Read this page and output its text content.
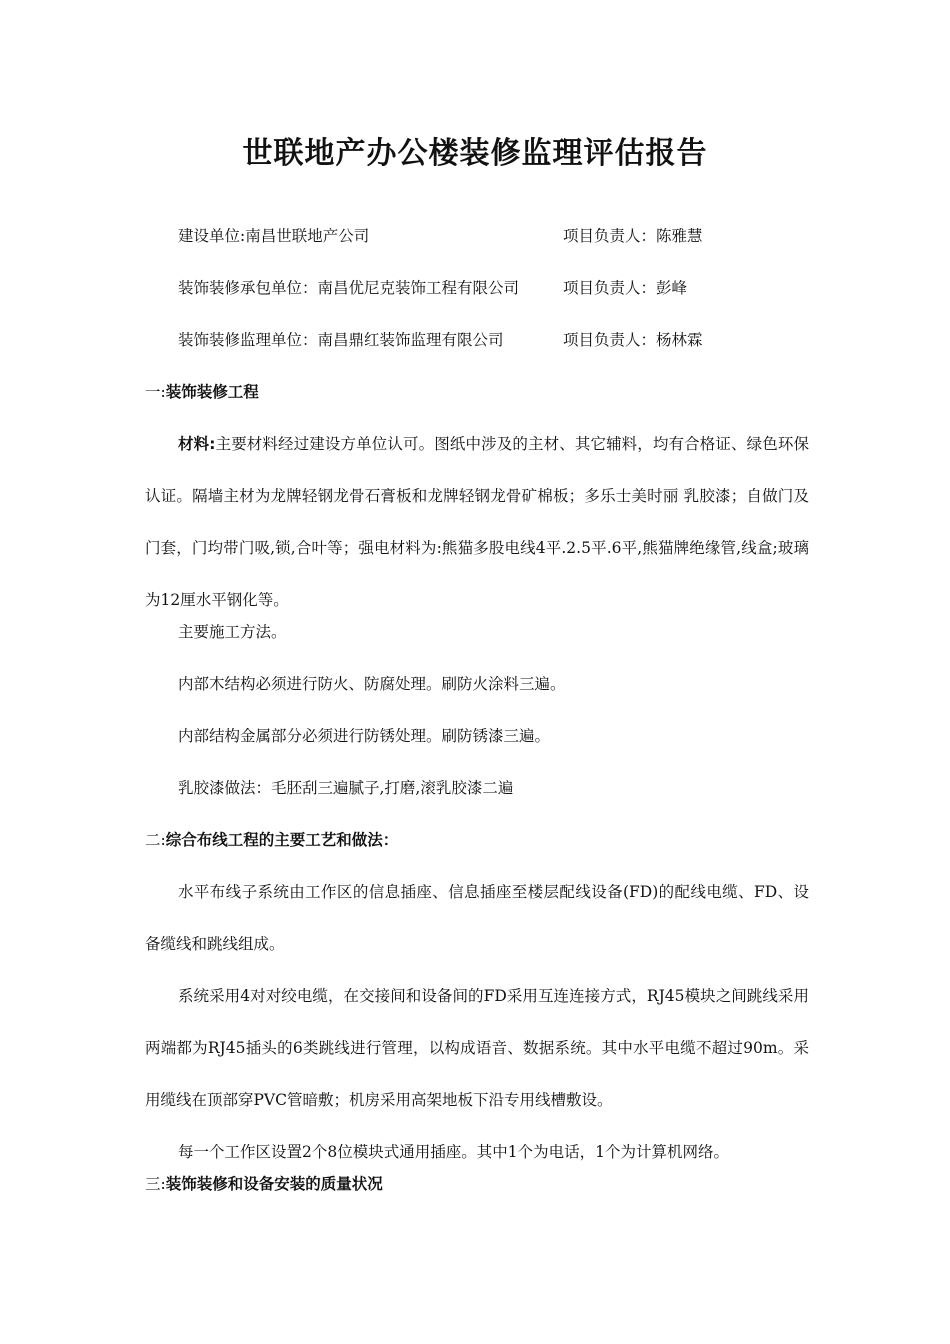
世联地产办公楼装修监理评估报告
建设单位:南昌世联地产公司	项目负责人：陈雅慧
装饰装修承包单位：南昌优尼克装饰工程有限公司	项目负责人：彭峰
装饰装修监理单位：南昌鼎红装饰监理有限公司	项目负责人：杨林霖
一:装饰装修工程

材料:主要材料经过建设方单位认可。图纸中涉及的主材、其它辅料，均有合格证、绿色环保认证。隔墙主材为龙牌轻钢龙骨石膏板和龙牌轻钢龙骨矿棉板；多乐士美时丽 乳胶漆；自做门及门套，门均带门吸,锁,合叶等；强电材料为:熊猫多股电线4平.2.5平.6平,熊猫牌绝缘管,线盒;玻璃为12厘水平钢化等。

主要施工方法。
内部木结构必须进行防火、防腐处理。刷防火涂料三遍。
内部结构金属部分必须进行防锈处理。刷防锈漆三遍。
乳胶漆做法：毛胚刮三遍腻子,打磨,滚乳胶漆二遍
二:综合布线工程的主要工艺和做法：

水平布线子系统由工作区的信息插座、信息插座至楼层配线设备(FD)的配线电缆、FD、设备缆线和跳线组成。

系统采用4对对绞电缆，在交接间和设备间的FD采用互连连接方式，RJ45模块之间跳线采用两端都为RJ45插头的6类跳线进行管理，以构成语音、数据系统。其中水平电缆不超过90m。采用缆线在顶部穿PVC管暗敷；机房采用高架地板下沿专用线槽敷设。

每一个工作区设置2个8位模块式通用插座。其中1个为电话，1个为计算机网络。

三:装饰装修和设备安装的质量状况
